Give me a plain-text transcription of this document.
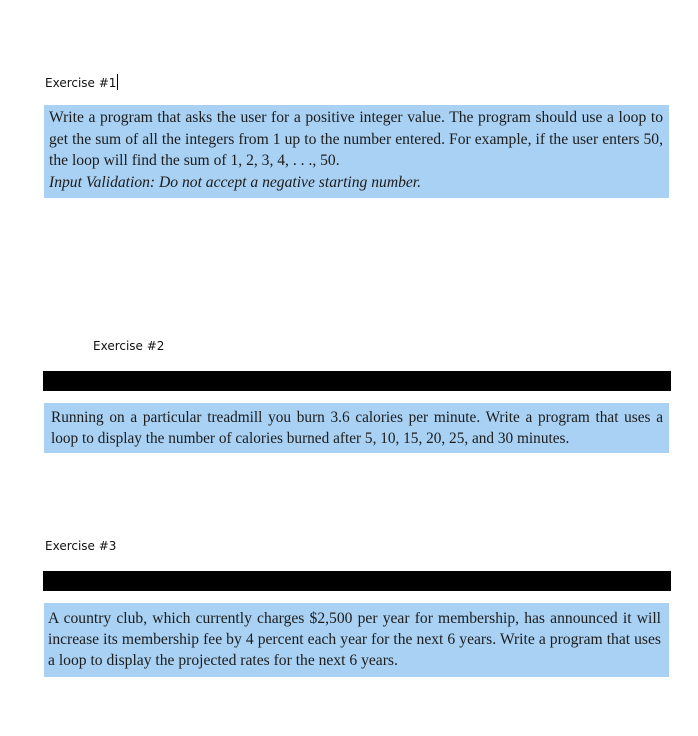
Exercise #1

Write a program that asks the user for a positive integer value. The program should use a loop to get the sum of all the integers from 1 up to the number entered. For example, if the user enters 50, the loop will find the sum of 1, 2, 3, 4, . . ., 50.

Input Validation: Do not accept a negative starting number.

Exercise #2

Running on a particular treadmill you burn 3.6 calories per minute. Write a program that uses a loop to display the number of calories burned after 5, 10, 15, 20, 25, and 30 minutes.

Exercise #3

A country club, which currently charges $2,500 per year for membership, has announced it will increase its membership fee by 4 percent each year for the next 6 years. Write a program that uses a loop to display the projected rates for the next 6 years.
